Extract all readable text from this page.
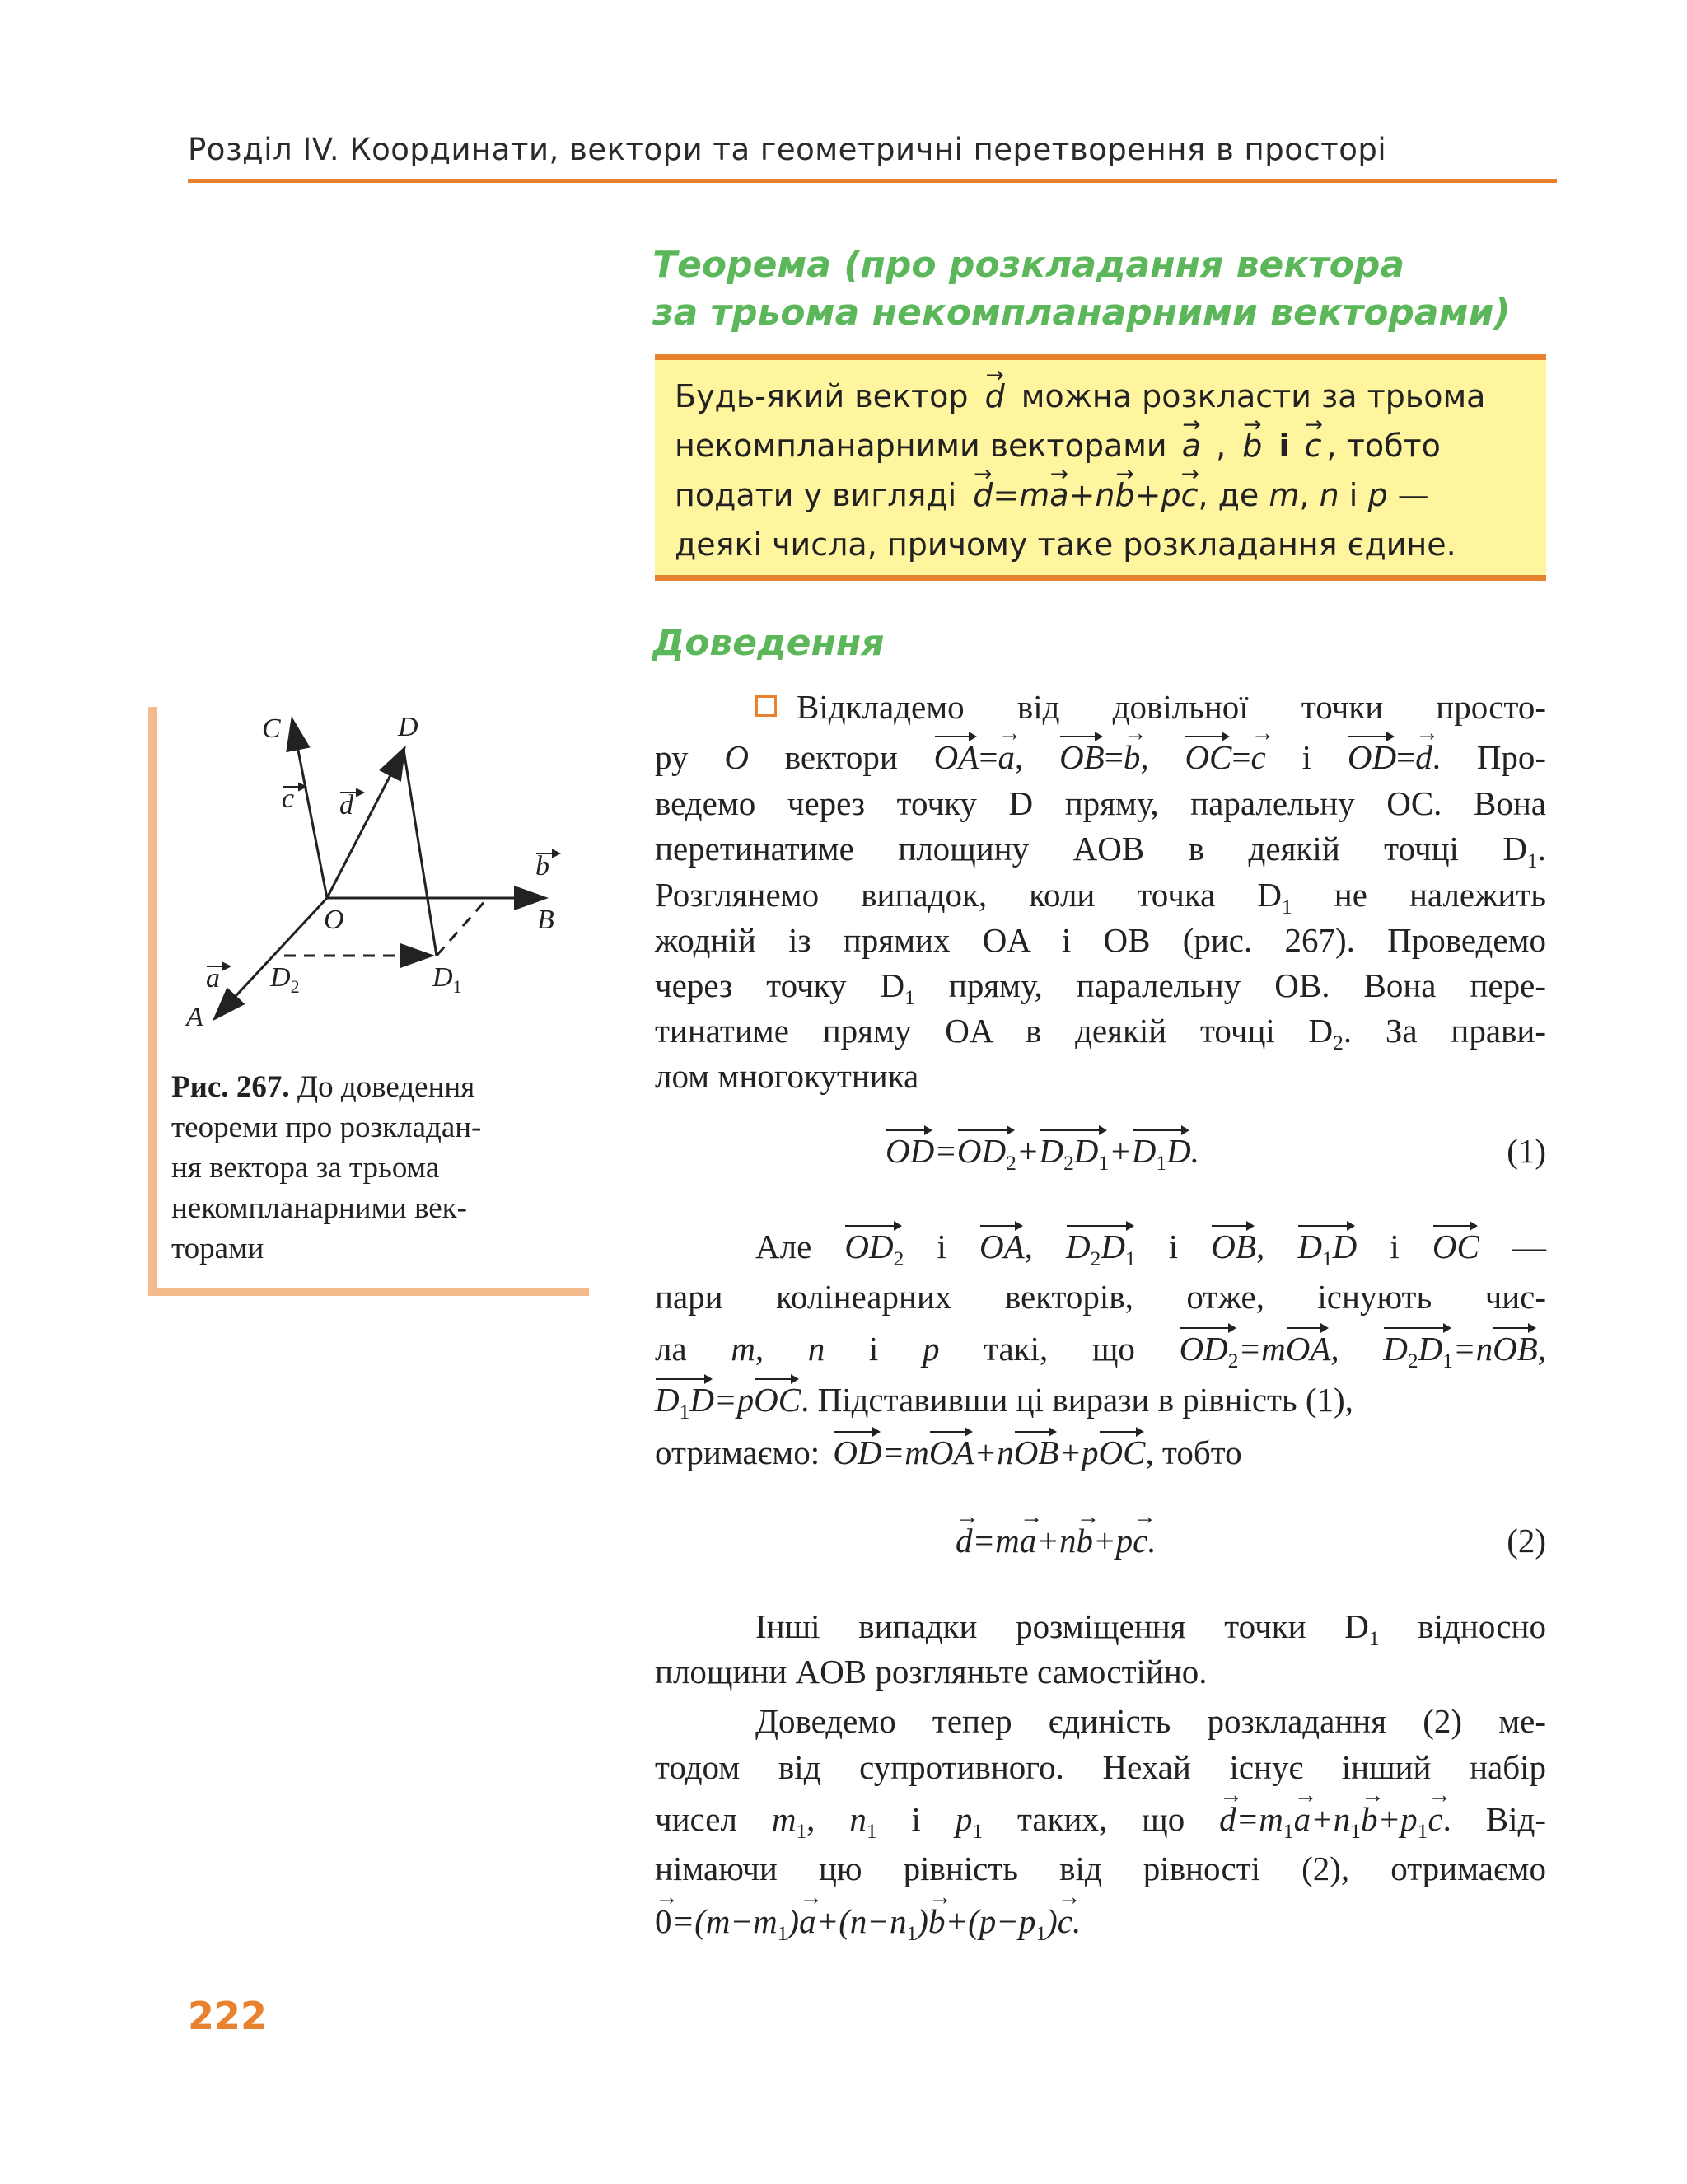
Розділ IV. Координати, вектори та геометричні перетворення в просторі
Теорема (про розкладання вектора
за трьома некомпланарними векторами)
Будь-який вектор → d можна розкласти за трьома
некомпланарними векторами → a , → b і → c , тобто
подати у вигляді → d=m→ a+n→ b+p→ c, де m, n і p —
деякі числа, причому таке розкладання єдине.
Доведення
Відкладемо від довільної точки просто-
ру O вектори OA=→ a, OB=→ b, OC=→ c і OD=→ d. Про-
ведемо через точку D пряму, паралельну OC. Вона
перетинатиме площину AOB в деякій точці $D_1$.
Розглянемо випадок, коли точка $D_1$ не належить
жодній із прямих OA і OB (рис. 267). Проведемо
через точку $D_1$ пряму, паралельну OB. Вона пере-
тинатиме пряму OA в деякій точці $D_2$. За прави-
лом многокутника
$OD=OD_2+D_2D_1+D_1D$.	(1)
Але $OD_2$ і OA, $D_2D_1$ і OB, $D_1D$ і OC —
пари колінеарних векторів, отже, існують чис-
ла m, n і p такі, що $OD_2=mOA$, $D_2D_1=nOB$,
$D_1D=pOC$. Підставивши ці вирази в рівність (1),
отримаємо: OD=mOA+nOB+pOC, тобто
→ d=m→ a+n→ b+p→ c.	(2)
Інші випадки розміщення точки $D_1$ відносно
площини AOB розгляньте самостійно.
Доведемо тепер єдиність розкладання (2) ме-
тодом від супротивного. Нехай існує інший набір
чисел $m_1$, $n_1$ і $p_1$ таких, що → $d=m_1\to a+n_1\to b+p_1\to c$. Від-
німаючи цю рівність від рівності (2), отримаємо
→ $0=(m-m_1)\to a+(n-n_1)\to b+(p-p_1)\to c$.
C	D
c d
O
b
B
a
A
$D_2$	$D_1$
Рис. 267. До доведення
теореми про розкладан-
ня вектора за трьома
некомпланарними век-
торами
222
